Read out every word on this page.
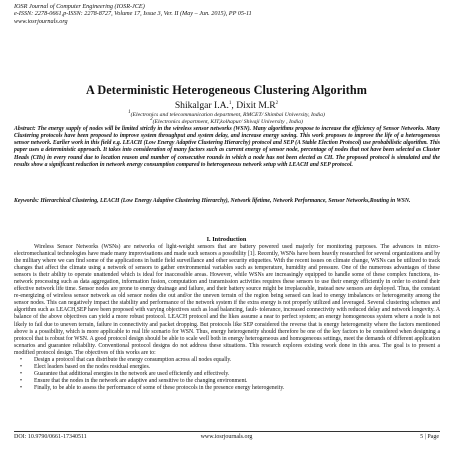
IOSR Journal of Computer Engineering (IOSR-JCE)
e-ISSN: 2278-0661,p-ISSN: 2278-8727, Volume 17, Issue 3, Ver. II (May – Jun. 2015), PP 05-11
www.iosrjournals.org
A Deterministic Heterogeneous Clustering Algorithm
Shikalgar I.A.$^1$, Dixit $M.R^2$
$^1$(Electronics and telecommunication department, RMCET/ Shimbai University, India)
$^2$(Electronics department, KIT,kolhapur/ Shivaji University , India)
Abstract: The energy supply of nodes will be limited strictly in the wireless sensor networks (WSN). Many algorithms propose to increase the efficiency of Sensor Networks. Many Clustering protocols have been proposed to improve system throughput and system delay, and increase energy saving. This work proposes to improve the life of a heterogeneous sensor network. Earlier work in this field e.g. LEACH (Low Energy Adaptive Clustering Hierarchy) protocol and SEP (A Stable Election Protocol) use probabilistic algorithm. This paper uses a deterministic approach. It takes into consideration of many factors such as current energy of sensor node, percentage of nodes that not have been selected as Cluster Heads (CHs) in every round due to location reason and number of consecutive rounds in which a node has not been elected as CH. The proposed protocol is simulated and the results show a significant reduction in network energy consumption compared to heterogeneous network setup with LEACH and SEP protocol.
Keywords: Hierarchical Clustering, LEACH (Low Energy Adaptive Clustering Hierarchy), Network lifetime, Network Performance, Sensor Networks,Routing in WSN.
I. Introduction

Wireless Sensor Networks (WSNs) are networks of light-weight sensors that are battery powered used majorly for monitoring purposes. The advances in micro-electromechanical technologies have made many improvisations and made such sensors a possibility [1]. Recently, WSNs have been heavily researched for several organizations and by the military where we can find some of the applications in battle field surveillance and other security etiquettes. With the recent issues on climate change, WSNs can be utilized to track changes that affect the climate using a network of sensors to gather environmental variables such as temperature, humidity and pressure. One of the numerous advantages of these sensors is their ability to operate unattended which is ideal for inaccessible areas. However, while WSNs are increasingly equipped to handle some of these complex functions, in-network processing such as data aggregation, information fusion, computation and transmission activities requires these sensors to use their energy efficiently in order to extend their effective network life time. Sensor nodes are prone to energy drainage and failure, and their battery source might be irreplaceable, instead new sensors are deployed. Thus, the constant re-energizing of wireless sensor network as old sensor nodes die out and/or the uneven terrain of the region being sensed can lead to energy imbalances or heterogeneity among the sensor nodes. This can negatively impact the stability and performance of the network system if the extra energy is not properly utilized and leveraged. Several clustering schemes and algorithm such as LEACH,SEP have been proposed with varying objectives such as load balancing, fault- tolerance, increased connectivity with reduced delay and network longevity. A balance of the above objectives can yield a more robust protocol. LEACH protocol and the likes assume a near to perfect system; an energy homogeneous system where a node is not likely to fail due to uneven terrain, failure in connectivity and packet dropping. But protocols like SEP considered the reverse that is energy heterogeneity where the factors mentioned above is a possibility, which is more applicable to real life scenario for WSN. Thus, energy heterogeneity should therefore be one of the key factors to be considered when designing a protocol that is robust for WSN. A good protocol design should be able to scale well both in energy heterogeneous and homogeneous settings, meet the demands of different application scenarios and guarantee reliability. Conventional protocol designs do not address these situations. This research explores existing work done in this area. The goal is to present a modified protocol design. The objectives of this works are to:

• Design a protocol that can distribute the energy consumption across all nodes equally.
• Elect leaders based on the nodes residual energies.
• Guarantee that additional energies in the network are used efficiently and effectively.
• Ensure that the nodes in the network are adaptive and sensitive to the changing environment.
• Finally, to be able to assess the performance of some of these protocols in the presence energy heterogeneity.
DOI: 10.9790/0661-17340511	www.iosrjournals.org	5 | Page
